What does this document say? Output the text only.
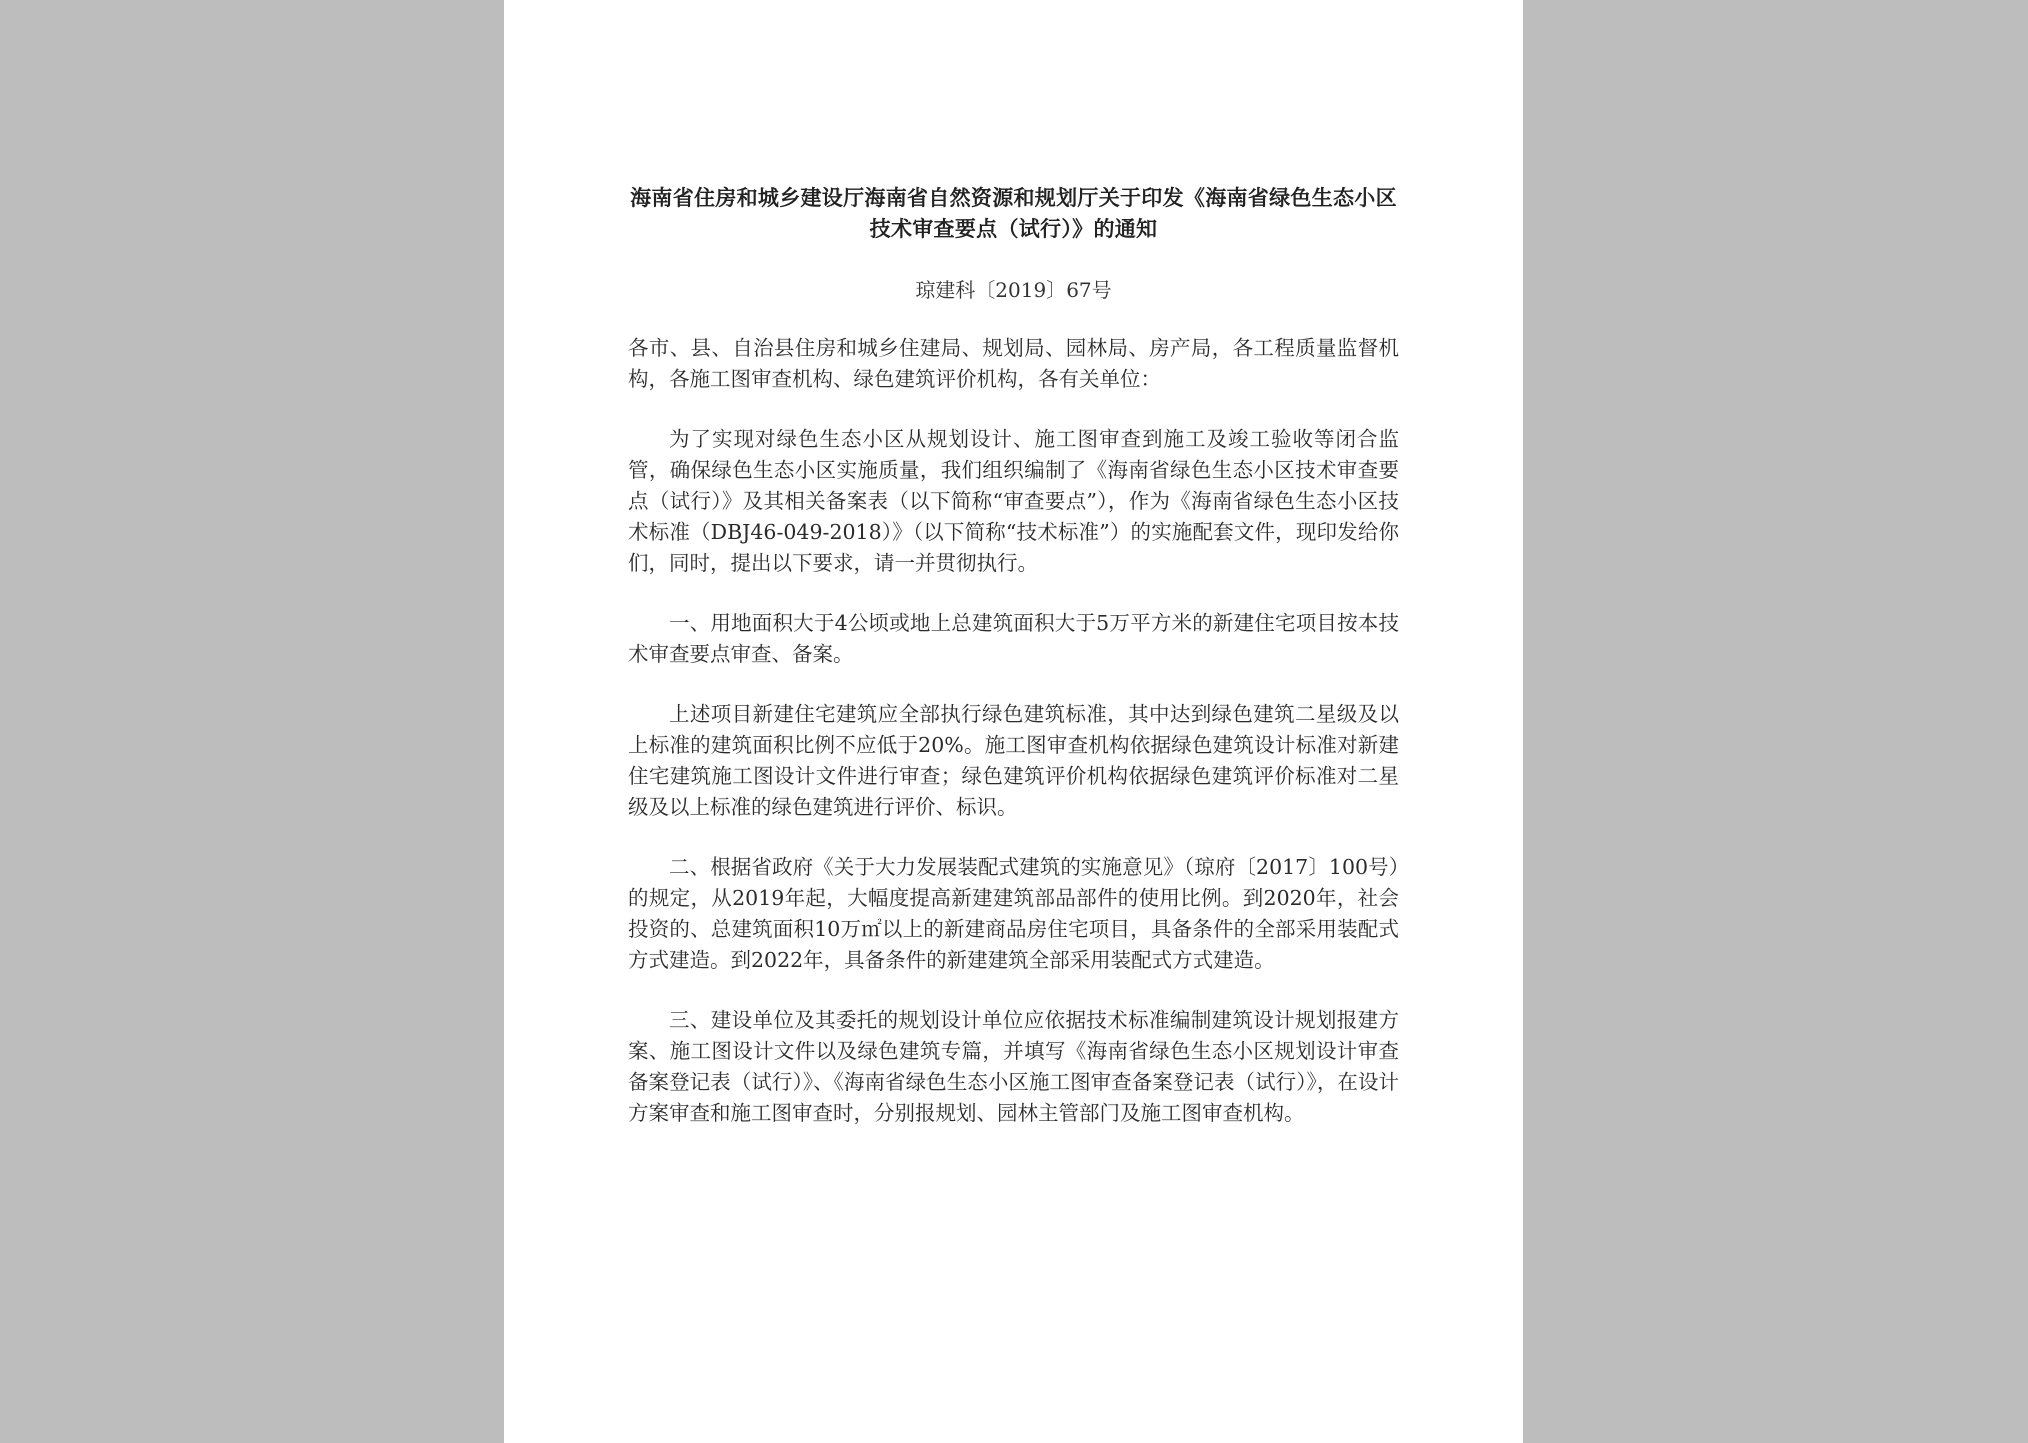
海南省住房和城乡建设厅海南省自然资源和规划厅关于印发《海南省绿色生态小区技术审查要点（试行）》的通知
琼建科〔2019〕67号

各市、县、自治县住房和城乡住建局、规划局、园林局、房产局，各工程质量监督机构，各施工图审查机构、绿色建筑评价机构，各有关单位：

为了实现对绿色生态小区从规划设计、施工图审查到施工及竣工验收等闭合监管，确保绿色生态小区实施质量，我们组织编制了《海南省绿色生态小区技术审查要点（试行）》及其相关备案表（以下简称“审查要点”），作为《海南省绿色生态小区技术标准（DBJ46-049-2018）》（以下简称“技术标准”）的实施配套文件，现印发给你们，同时，提出以下要求，请一并贯彻执行。

一、用地面积大于4公顷或地上总建筑面积大于5万平方米的新建住宅项目按本技术审查要点审查、备案。

上述项目新建住宅建筑应全部执行绿色建筑标准，其中达到绿色建筑二星级及以上标准的建筑面积比例不应低于20%。施工图审查机构依据绿色建筑设计标准对新建住宅建筑施工图设计文件进行审查；绿色建筑评价机构依据绿色建筑评价标准对二星级及以上标准的绿色建筑进行评价、标识。

二、根据省政府《关于大力发展装配式建筑的实施意见》（琼府〔2017〕100号）的规定，从2019年起，大幅度提高新建建筑部品部件的使用比例。到2020年，社会投资的、总建筑面积10万㎡以上的新建商品房住宅项目，具备条件的全部采用装配式方式建造。到2022年，具备条件的新建建筑全部采用装配式方式建造。

三、建设单位及其委托的规划设计单位应依据技术标准编制建筑设计规划报建方案、施工图设计文件以及绿色建筑专篇，并填写《海南省绿色生态小区规划设计审查备案登记表（试行）》、《海南省绿色生态小区施工图审查备案登记表（试行）》，在设计方案审查和施工图审查时，分别报规划、园林主管部门及施工图审查机构。
